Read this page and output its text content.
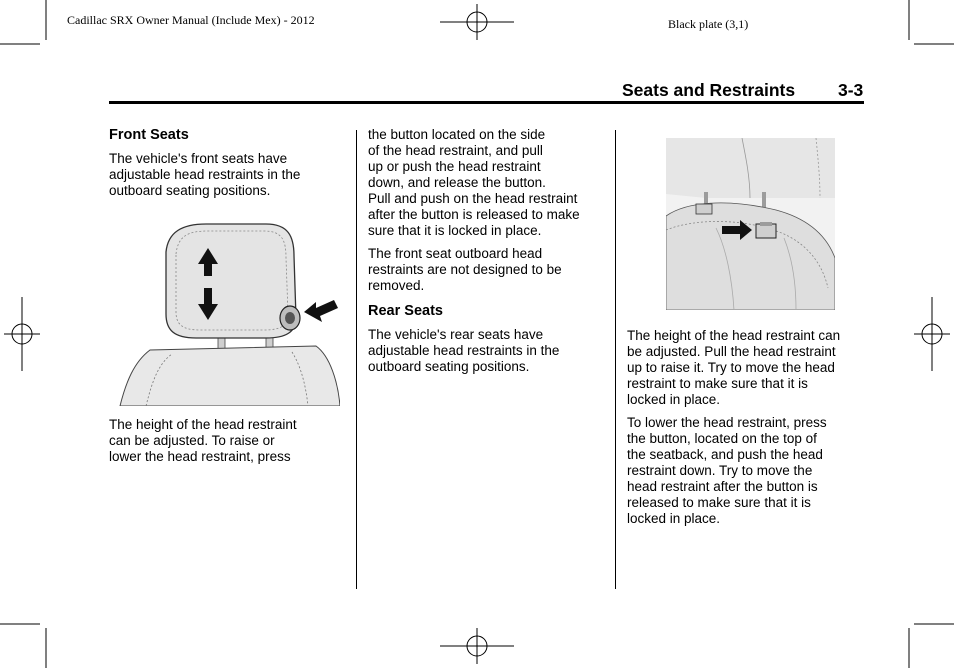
Cadillac SRX Owner Manual (Include Mex) - 2012	Black plate (3,1)
Seats and Restraints 3-3
Front Seats

The vehicle's front seats have
adjustable head restraints in the
outboard seating positions.

The height of the head restraint
can be adjusted. To raise or
lower the head restraint, press

the button located on the side
of the head restraint, and pull
up or push the head restraint
down, and release the button.
Pull and push on the head restraint
after the button is released to make
sure that it is locked in place.

The front seat outboard head
restraints are not designed to be
removed.

Rear Seats

The vehicle's rear seats have
adjustable head restraints in the
outboard seating positions.

The height of the head restraint can
be adjusted. Pull the head restraint
up to raise it. Try to move the head
restraint to make sure that it is
locked in place.

To lower the head restraint, press
the button, located on the top of
the seatback, and push the head
restraint down. Try to move the
head restraint after the button is
released to make sure that it is
locked in place.
